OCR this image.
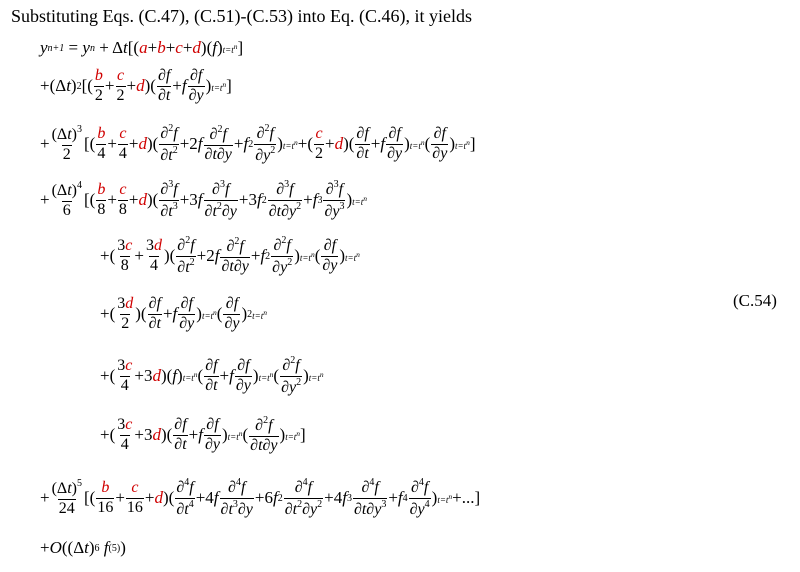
Substituting Eqs. (C.47), (C.51)-(C.53) into Eq. (C.46), it yields
y n+1 = y n + Δ t [( a + b + c + d )( f ) $t=t^n$ ]
+(Δ t ) 2 [( $\frac{b}{2} + \frac{c}{2} + d$ )( $\frac{\partial f}{\partial t} + f \frac{\partial f}{\partial y}$ ) $t=t^n$ ]
+ $\frac{(\Delta t)^3}{2}$ [( $\frac{b}{4} + \frac{c}{4} + d$ )( $\frac{\partial^2f}{\partial t^2} +2$ f $\frac{\partial^2f}{\partial t\partial y} + f$ $2 \frac{\partial^2f}{\partial y^2}$ ) $t=t^n$ +( $\frac{c}{2} + d$ )( $\frac{\partial f}{\partial t} + f \frac{\partial f}{\partial y}$ ) $t=t^n$ ( $\frac{\partial f}{\partial y}$ ) $t=t^n$ ]
+ $\frac{(\Delta t)^4}{6}$ [( $\frac{b}{8} + \frac{c}{8} + d$ )( $\frac{\partial^3f}{\partial t^3} +3$ f $\frac{\partial^3f}{\partial t^2\partial y} +3$ f $2 \frac{\partial^3f}{\partial t\partial y^2} + f$ $3 \frac{\partial^3f}{\partial y^3}$ ) $t=t^n$
+( $\frac{3c}{8} + \frac{3d}{4}$ )( $\frac{\partial^2f}{\partial t^2} +2$ f $\frac{\partial^2f}{\partial t\partial y} + f$ $2 \frac{\partial^2f}{\partial y^2}$ ) $t=t^n$ ( $\frac{\partial f}{\partial y}$ ) $t=t^n$
+( $\frac{3d}{2}$ )( $\frac{\partial f}{\partial t} + f \frac{\partial f}{\partial y}$ ) $t=t^n$ ( $\frac{\partial f}{\partial y}$ ) 2 $t=t^n$
+( $\frac{3c}{4} +3$ d )( f ) $t=t^n$ ( $\frac{\partial f}{\partial t} + f \frac{\partial f}{\partial y}$ ) $t=t^n$ ( $\frac{\partial^2f}{\partial y^2}$ ) $t=t^n$
+( $\frac{3c}{4} +3$ d )( $\frac{\partial f}{\partial t} + f \frac{\partial f}{\partial y}$ ) $t=t^n$ ( $\frac{\partial^2f}{\partial t\partial y}$ ) $t=t^n$ ]
+ $\frac{(\Delta t)^5}{24}$ [( $\frac{b}{16} + \frac{c}{16} + d$ )( $\frac{\partial^4f}{\partial t^4} +4$ f $\frac{\partial^4f}{\partial t^3\partial y} +6$ f $2 \frac{\partial^4f}{\partial t^2\partial y^2} +4$ f $3 \frac{\partial^4f}{\partial t\partial y^3} + f$ $4 \frac{\partial^4f}{\partial y^4}$ ) $t=t^n$ +...]
+ O ((Δ t ) 6 f (5) )
(C.54)
